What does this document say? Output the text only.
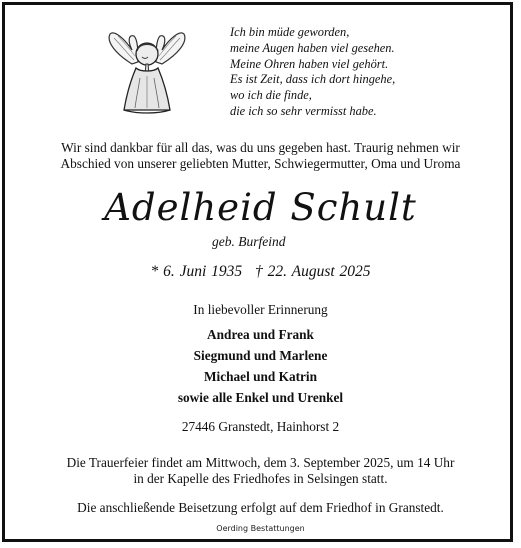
Ich bin müde geworden,
meine Augen haben viel gesehen.
Meine Ohren haben viel gehört.
Es ist Zeit, dass ich dort hingehe,
wo ich die finde,
die ich so sehr vermisst habe.
Wir sind dankbar für all das, was du uns gegeben hast. Traurig nehmen wir
Abschied von unserer geliebten Mutter, Schwiegermutter, Oma und Uroma
Adelheid Schult
geb. Burfeind
* 6. Juni 1935 † 22. August 2025
In liebevoller Erinnerung
Andrea und Frank
Siegmund und Marlene
Michael und Katrin
sowie alle Enkel und Urenkel
27446 Granstedt, Hainhorst 2
Die Trauerfeier findet am Mittwoch, dem 3. September 2025, um 14 Uhr
in der Kapelle des Friedhofes in Selsingen statt.
Die anschließende Beisetzung erfolgt auf dem Friedhof in Granstedt.
Oerding Bestattungen
